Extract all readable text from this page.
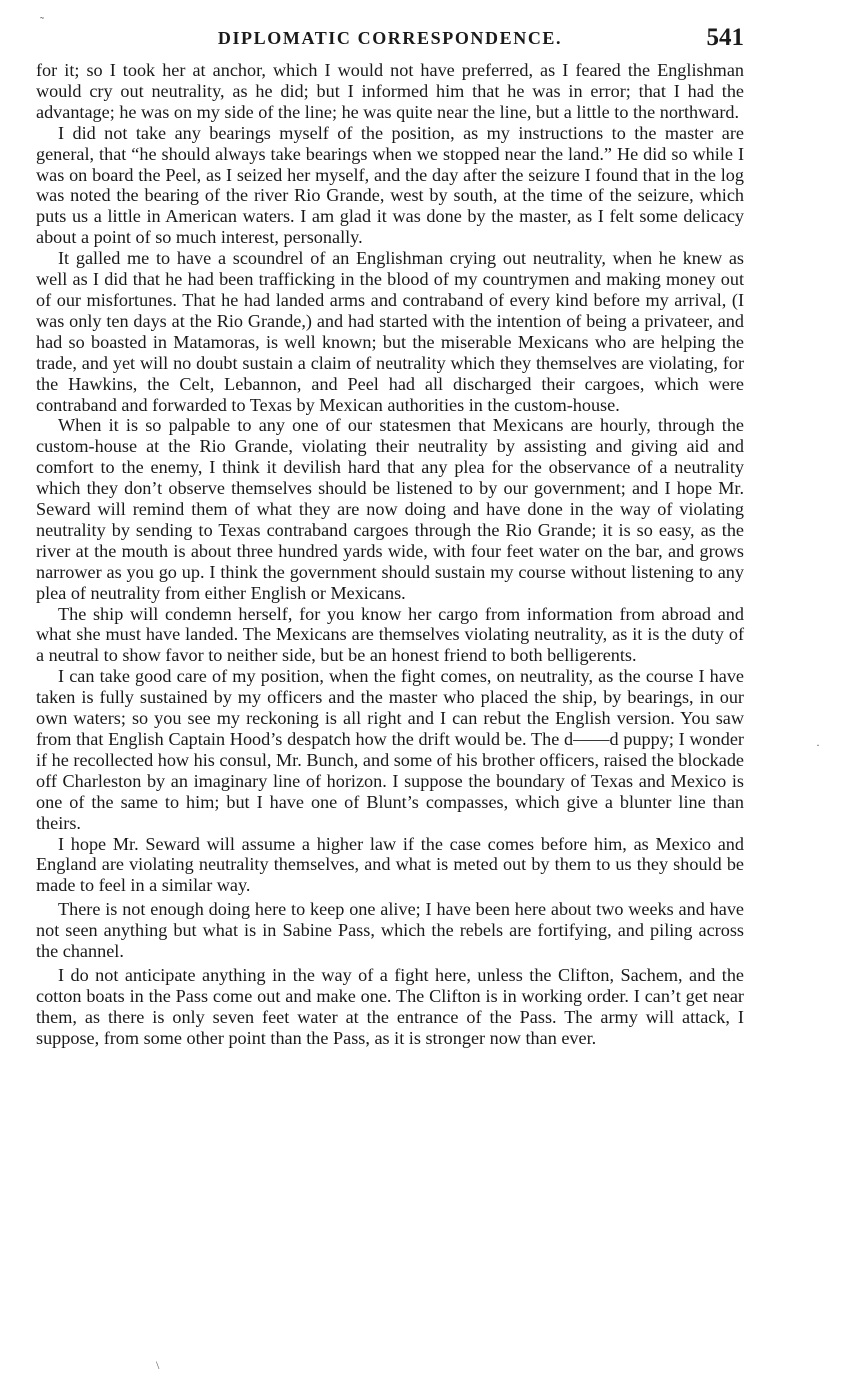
DIPLOMATIC CORRESPONDENCE.	541

for it; so I took her at anchor, which I would not have preferred, as I feared the Englishman would cry out neutrality, as he did; but I informed him that he was in error; that I had the advantage; he was on my side of the line; he was quite near the line, but a little to the northward.

I did not take any bearings myself of the position, as my instructions to the master are general, that “he should always take bearings when we stopped near the land.” He did so while I was on board the Peel, as I seized her myself, and the day after the seizure I found that in the log was noted the bearing of the river Rio Grande, west by south, at the time of the seizure, which puts us a little in American waters. I am glad it was done by the master, as I felt some delicacy about a point of so much interest, personally.

It galled me to have a scoundrel of an Englishman crying out neutrality, when he knew as well as I did that he had been trafficking in the blood of my countrymen and making money out of our misfortunes. That he had landed arms and contraband of every kind before my arrival, (I was only ten days at the Rio Grande,) and had started with the intention of being a privateer, and had so boasted in Matamoras, is well known; but the miserable Mexicans who are helping the trade, and yet will no doubt sustain a claim of neutrality which they themselves are violating, for the Hawkins, the Celt, Lebannon, and Peel had all discharged their cargoes, which were contraband and forwarded to Texas by Mexican authorities in the custom-house.

When it is so palpable to any one of our statesmen that Mexicans are hourly, through the custom-house at the Rio Grande, violating their neutrality by assisting and giving aid and comfort to the enemy, I think it devilish hard that any plea for the observance of a neutrality which they don’t observe themselves should be listened to by our government; and I hope Mr. Seward will remind them of what they are now doing and have done in the way of violating neutrality by sending to Texas contraband cargoes through the Rio Grande; it is so easy, as the river at the mouth is about three hundred yards wide, with four feet water on the bar, and grows narrower as you go up. I think the government should sustain my course without listening to any plea of neutrality from either English or Mexicans.

The ship will condemn herself, for you know her cargo from information from abroad and what she must have landed. The Mexicans are themselves violating neutrality, as it is the duty of a neutral to show favor to neither side, but be an honest friend to both belligerents.

I can take good care of my position, when the fight comes, on neutrality, as the course I have taken is fully sustained by my officers and the master who placed the ship, by bearings, in our own waters; so you see my reckoning is all right and I can rebut the English version. You saw from that English Captain Hood’s despatch how the drift would be. The d——d puppy; I wonder if he recollected how his consul, Mr. Bunch, and some of his brother officers, raised the blockade off Charleston by an imaginary line of horizon. I suppose the boundary of Texas and Mexico is one of the same to him; but I have one of Blunt’s compasses, which give a blunter line than theirs.

I hope Mr. Seward will assume a higher law if the case comes before him, as Mexico and England are violating neutrality themselves, and what is meted out by them to us they should be made to feel in a similar way.

There is not enough doing here to keep one alive; I have been here about two weeks and have not seen anything but what is in Sabine Pass, which the rebels are fortifying, and piling across the channel.

I do not anticipate anything in the way of a fight here, unless the Clifton, Sachem, and the cotton boats in the Pass come out and make one. The Clifton is in working order. I can’t get near them, as there is only seven feet water at the entrance of the Pass. The army will attack, I suppose, from some other point than the Pass, as it is stronger now than ever.

˜
·
\
